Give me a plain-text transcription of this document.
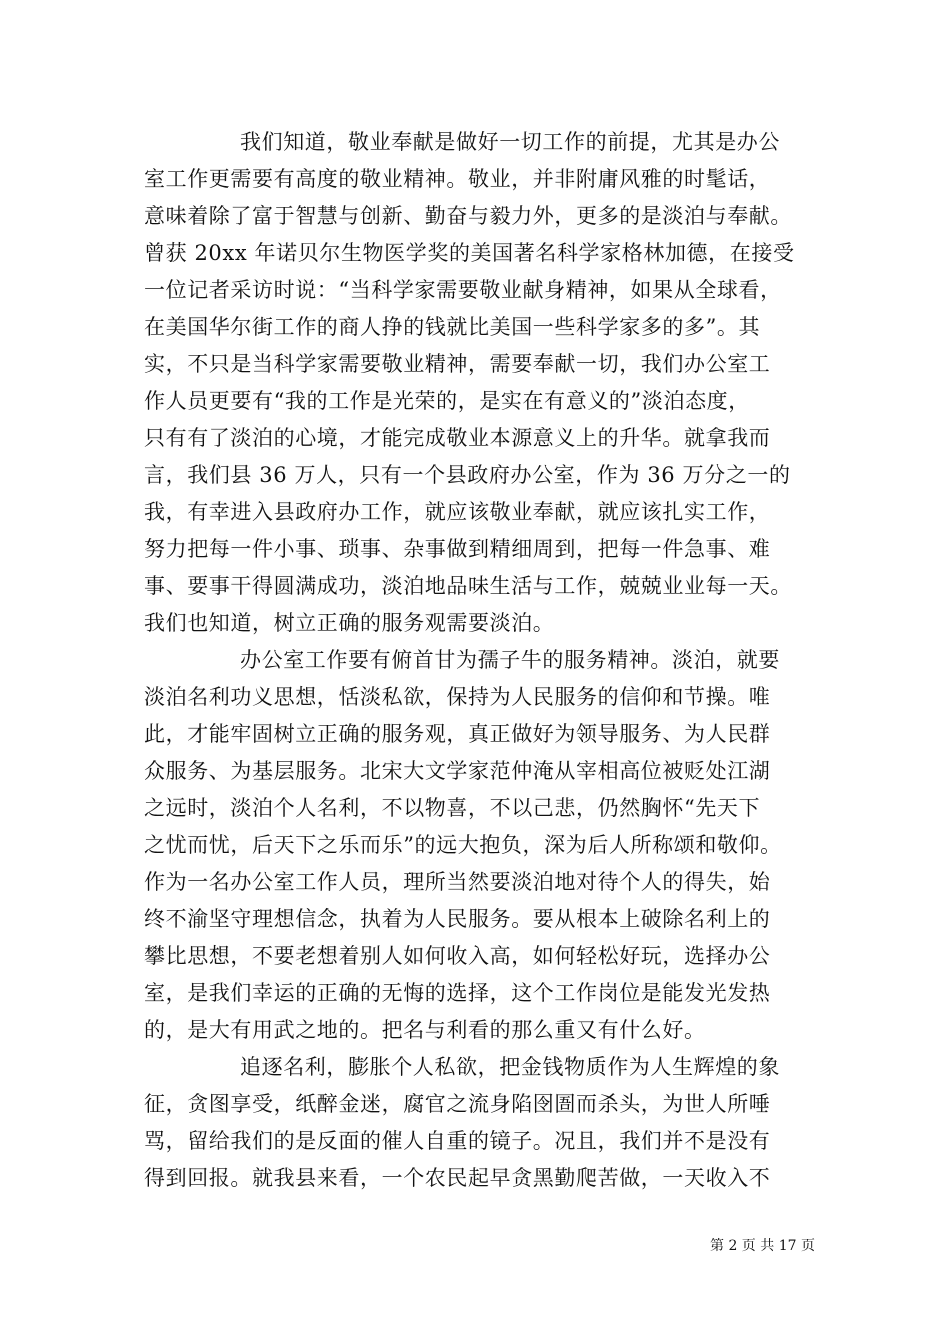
我们知道，敬业奉献是做好一切工作的前提，尤其是办公
室工作更需要有高度的敬业精神。敬业，并非附庸风雅的时髦话，
意味着除了富于智慧与创新、勤奋与毅力外，更多的是淡泊与奉献。
曾获 20xx 年诺贝尔生物医学奖的美国著名科学家格林加德，在接受
一位记者采访时说：“当科学家需要敬业献身精神，如果从全球看，
在美国华尔街工作的商人挣的钱就比美国一些科学家多的多”。其
实，不只是当科学家需要敬业精神，需要奉献一切，我们办公室工
作人员更要有“我的工作是光荣的，是实在有意义的”淡泊态度，
只有有了淡泊的心境，才能完成敬业本源意义上的升华。就拿我而
言，我们县 36 万人，只有一个县政府办公室，作为 36 万分之一的
我，有幸进入县政府办工作，就应该敬业奉献，就应该扎实工作，
努力把每一件小事、琐事、杂事做到精细周到，把每一件急事、难
事、要事干得圆满成功，淡泊地品味生活与工作，兢兢业业每一天。
我们也知道，树立正确的服务观需要淡泊。
办公室工作要有俯首甘为孺子牛的服务精神。淡泊，就要
淡泊名利功义思想，恬淡私欲，保持为人民服务的信仰和节操。唯
此，才能牢固树立正确的服务观，真正做好为领导服务、为人民群
众服务、为基层服务。北宋大文学家范仲淹从宰相高位被贬处江湖
之远时，淡泊个人名利，不以物喜，不以己悲，仍然胸怀“先天下
之忧而忧，后天下之乐而乐”的远大抱负，深为后人所称颂和敬仰。
作为一名办公室工作人员，理所当然要淡泊地对待个人的得失，始
终不渝坚守理想信念，执着为人民服务。要从根本上破除名利上的
攀比思想，不要老想着别人如何收入高，如何轻松好玩，选择办公
室，是我们幸运的正确的无悔的选择，这个工作岗位是能发光发热
的，是大有用武之地的。把名与利看的那么重又有什么好。
追逐名利，膨胀个人私欲，把金钱物质作为人生辉煌的象
征，贪图享受，纸醉金迷，腐官之流身陷囹圄而杀头，为世人所唾
骂，留给我们的是反面的催人自重的镜子。况且，我们并不是没有
得到回报。就我县来看，一个农民起早贪黑勤爬苦做，一天收入不
第 2 页 共 17 页
